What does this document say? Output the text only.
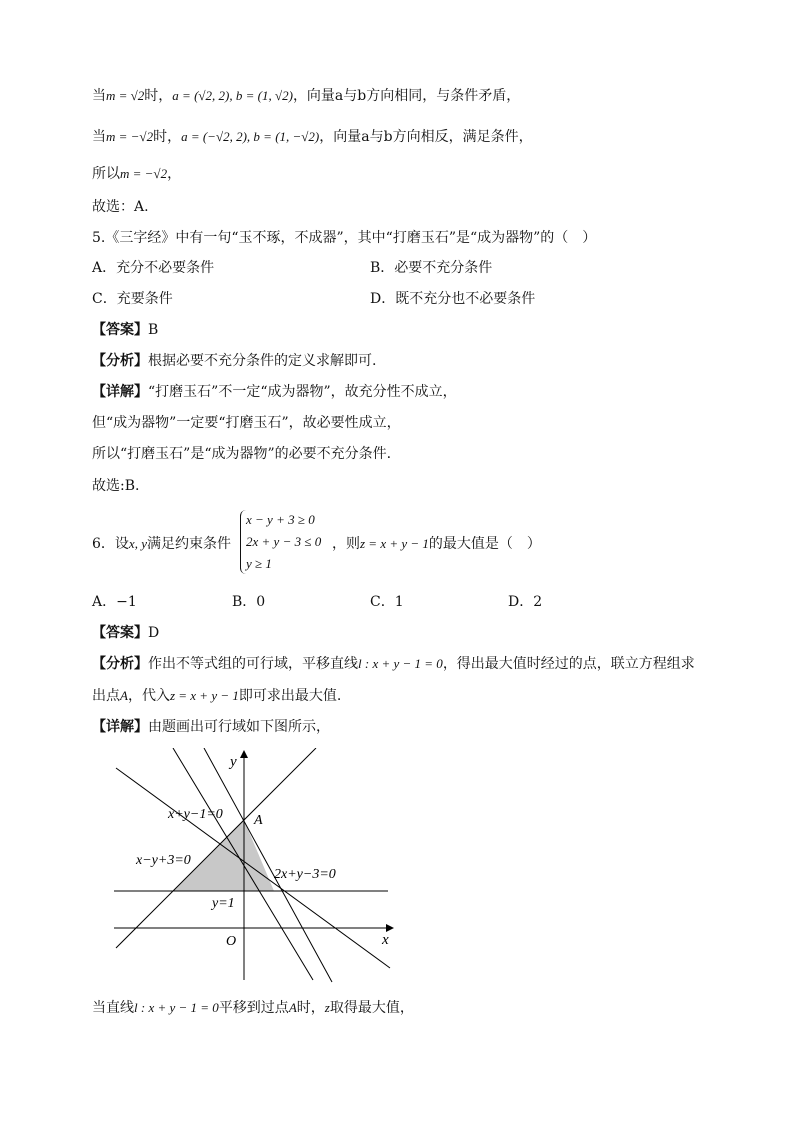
当m = √2时，a = (√2, 2), b = (1, √2)，向量a与b方向相同，与条件矛盾，
当m = −√2时，a = (−√2, 2), b = (1, −√2)，向量a与b方向相反，满足条件，
所以m = −√2，
故选：A.
5.《三字经》中有一句“玉不琢，不成器”，其中“打磨玉石”是“成为器物”的（　）
A．充分不必要条件	B．必要不充分条件
C．充要条件	D．既不充分也不必要条件
【答案】B
【分析】根据必要不充分条件的定义求解即可.
【详解】“打磨玉石”不一定“成为器物”，故充分性不成立，
但“成为器物”一定要“打磨玉石”，故必要性成立，
所以“打磨玉石”是“成为器物”的必要不充分条件.
故选:B.
6．设x, y满足约束条件
x − y + 3 ≥ 0
2x + y − 3 ≤ 0
y ≥ 1
，则z = x + y − 1的最大值是（　）
A．−1	B．0	C．1	D．2
【答案】D
【分析】作出不等式组的可行域，平移直线l : x + y − 1 = 0，得出最大值时经过的点，联立方程组求
出点A，代入z = x + y − 1即可求出最大值.
【详解】由题画出可行域如下图所示，
y
x
O
A
x+y−1=0
x−y+3=0
2x+y−3=0
y=1
当直线l : x + y − 1 = 0平移到过点A时，z取得最大值，
